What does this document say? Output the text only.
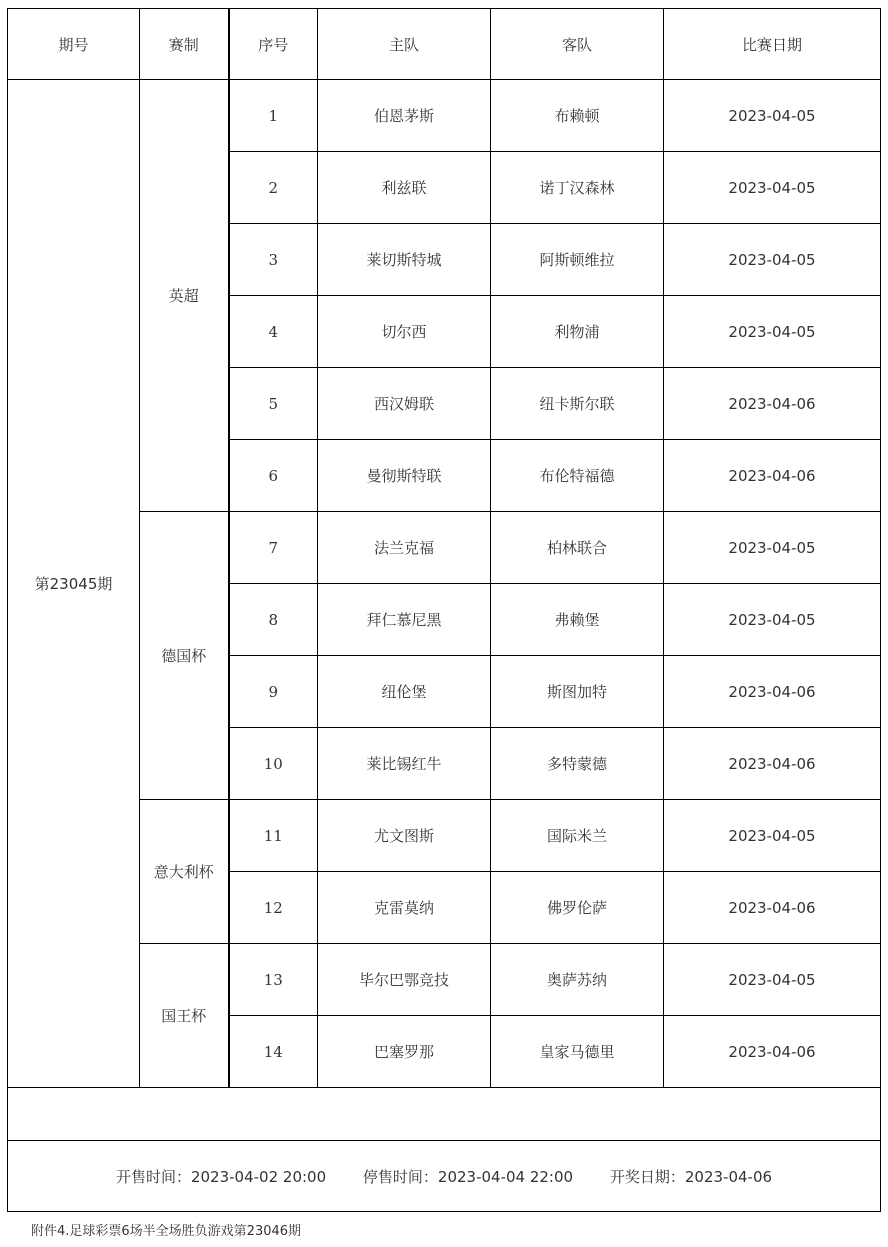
期号	赛制	序号	主队	客队	比赛日期
第23045期	英超	1	伯恩茅斯	布赖顿	2023-04-05
		2	利兹联	诺丁汉森林	2023-04-05
		3	莱切斯特城	阿斯顿维拉	2023-04-05
		4	切尔西	利物浦	2023-04-05
		5	西汉姆联	纽卡斯尔联	2023-04-06
		6	曼彻斯特联	布伦特福德	2023-04-06
	德国杯	7	法兰克福	柏林联合	2023-04-05
		8	拜仁慕尼黑	弗赖堡	2023-04-05
		9	纽伦堡	斯图加特	2023-04-06
		10	莱比锡红牛	多特蒙德	2023-04-06
	意大利杯	11	尤文图斯	国际米兰	2023-04-05
		12	克雷莫纳	佛罗伦萨	2023-04-06
	国王杯	13	毕尔巴鄂竞技	奥萨苏纳	2023-04-05
		14	巴塞罗那	皇家马德里	2023-04-06

开售时间：2023-04-02 20:00 停售时间：2023-04-04 22:00 开奖日期：2023-04-06					
附件4.足球彩票6场半全场胜负游戏第23046期
